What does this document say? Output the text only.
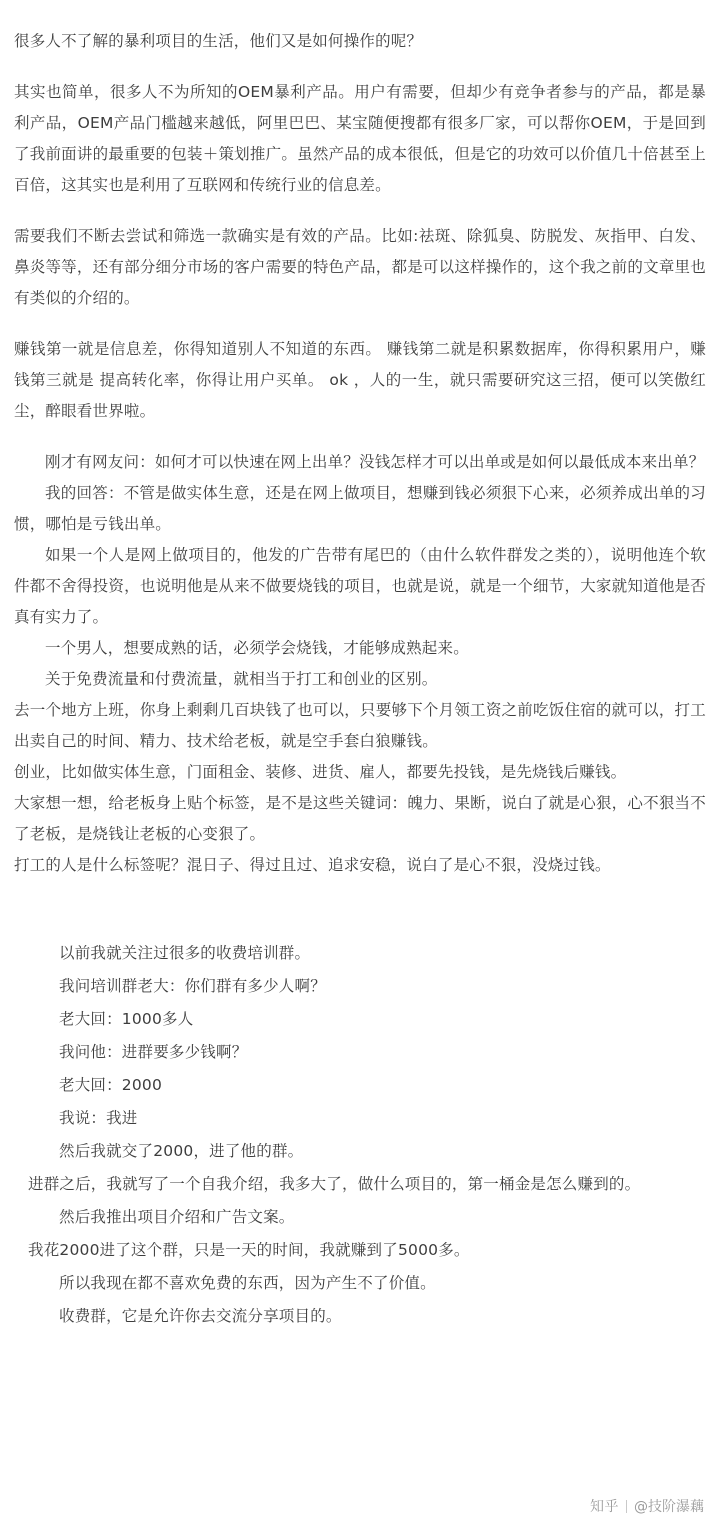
很多人不了解的暴利项目的生活，他们又是如何操作的呢？

其实也简单，很多人不为所知的OEM暴利产品。用户有需要，但却少有竞争者参与的产品，都是暴利产品，OEM产品门槛越来越低，阿里巴巴、某宝随便搜都有很多厂家，可以帮你OEM，于是回到了我前面讲的最重要的包装＋策划推广。虽然产品的成本很低，但是它的功效可以价值几十倍甚至上百倍，这其实也是利用了互联网和传统行业的信息差。

需要我们不断去尝试和筛选一款确实是有效的产品。比如:祛斑、除狐臭、防脱发、灰指甲、白发、鼻炎等等，还有部分细分市场的客户需要的特色产品，都是可以这样操作的，这个我之前的文章里也有类似的介绍的。

赚钱第一就是信息差，你得知道别人不知道的东西。 赚钱第二就是积累数据库，你得积累用户，赚钱第三就是 提高转化率，你得让用户买单。 ok ，人的一生，就只需要研究这三招，便可以笑傲红尘，醉眼看世界啦。

刚才有网友问：如何才可以快速在网上出单？没钱怎样才可以出单或是如何以最低成本来出单？
我的回答：不管是做实体生意，还是在网上做项目，想赚到钱必须狠下心来，必须养成出单的习惯，哪怕是亏钱出单。
如果一个人是网上做项目的，他发的广告带有尾巴的（由什么软件群发之类的），说明他连个软件都不舍得投资，也说明他是从来不做要烧钱的项目，也就是说，就是一个细节，大家就知道他是否真有实力了。
一个男人，想要成熟的话，必须学会烧钱，才能够成熟起来。
关于免费流量和付费流量，就相当于打工和创业的区别。
去一个地方上班，你身上剩剩几百块钱了也可以，只要够下个月领工资之前吃饭住宿的就可以，打工出卖自己的时间、精力、技术给老板，就是空手套白狼赚钱。
创业，比如做实体生意，门面租金、装修、进货、雇人，都要先投钱，是先烧钱后赚钱。
大家想一想，给老板身上贴个标签，是不是这些关键词：魄力、果断，说白了就是心狠，心不狠当不了老板，是烧钱让老板的心变狠了。
打工的人是什么标签呢？混日子、得过且过、追求安稳，说白了是心不狠，没烧过钱。
以前我就关注过很多的收费培训群。
我问培训群老大：你们群有多少人啊？
老大回：1000多人
我问他：进群要多少钱啊？
老大回：2000
我说：我进
然后我就交了2000，进了他的群。
进群之后，我就写了一个自我介绍，我多大了，做什么项目的，第一桶金是怎么赚到的。
然后我推出项目介绍和广告文案。
我花2000进了这个群，只是一天的时间，我就赚到了5000多。
所以我现在都不喜欢免费的东西，因为产生不了价值。
收费群，它是允许你去交流分享项目的。
知乎 @技阶瀑藕
